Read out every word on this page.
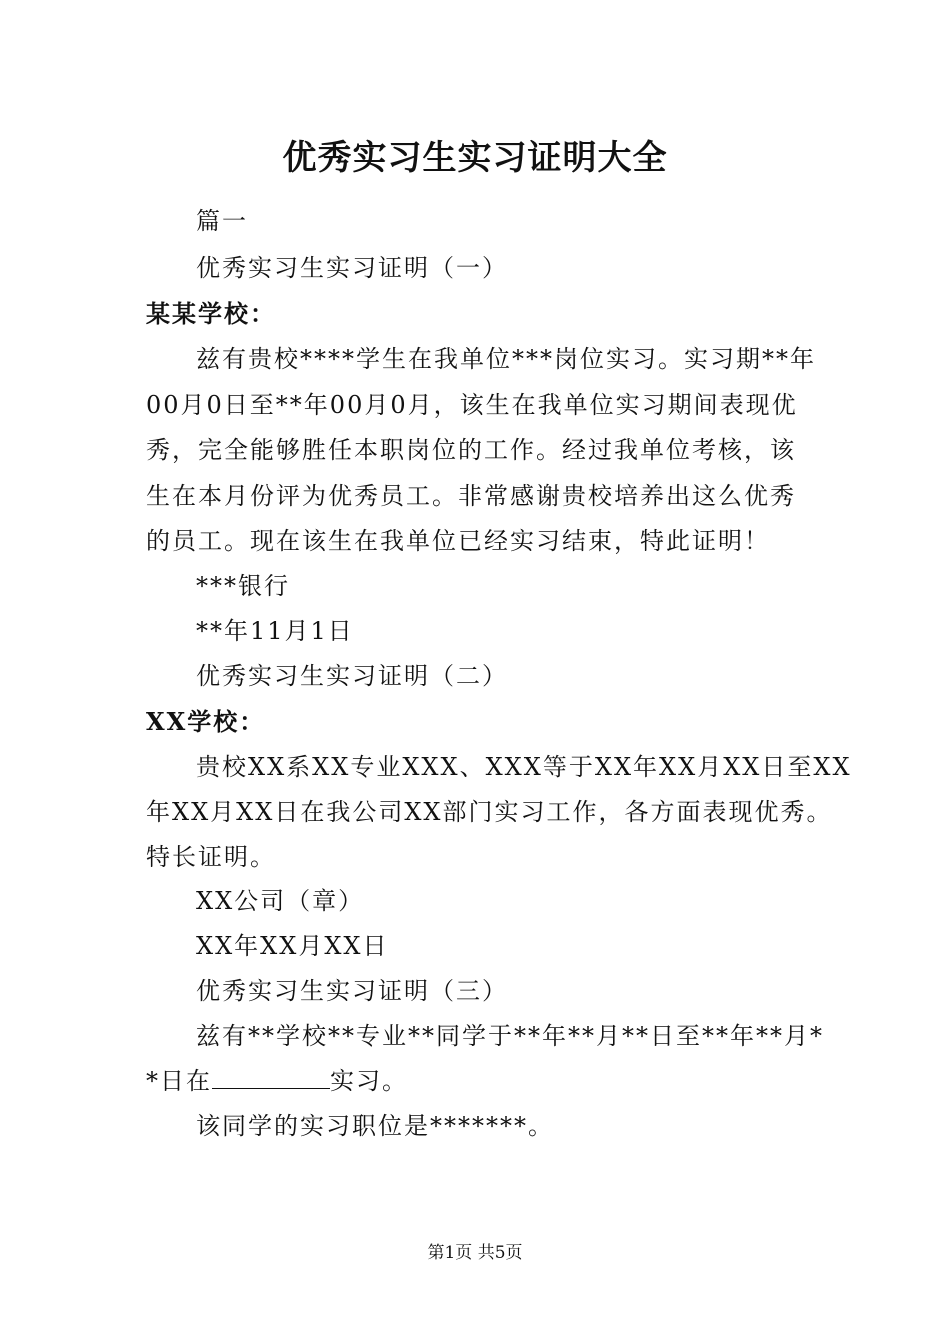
优秀实习生实习证明大全
篇一
优秀实习生实习证明（一）
某某学校：
兹有贵校****学生在我单位***岗位实习。实习期**年
00月0日至**年00月0月，该生在我单位实习期间表现优
秀，完全能够胜任本职岗位的工作。经过我单位考核，该
生在本月份评为优秀员工。非常感谢贵校培养出这么优秀
的员工。现在该生在我单位已经实习结束，特此证明！
***银行
**年11月1日
优秀实习生实习证明（二）
XX学校：
贵校XX系XX专业XXX、XXX等于XX年XX月XX日至XX
年XX月XX日在我公司XX部门实习工作，各方面表现优秀。
特长证明。
XX公司（章）
XX年XX月XX日
优秀实习生实习证明（三）
兹有**学校**专业**同学于**年**月**日至**年**月*
*日在	实习。
该同学的实习职位是*******。
第1页 共5页
